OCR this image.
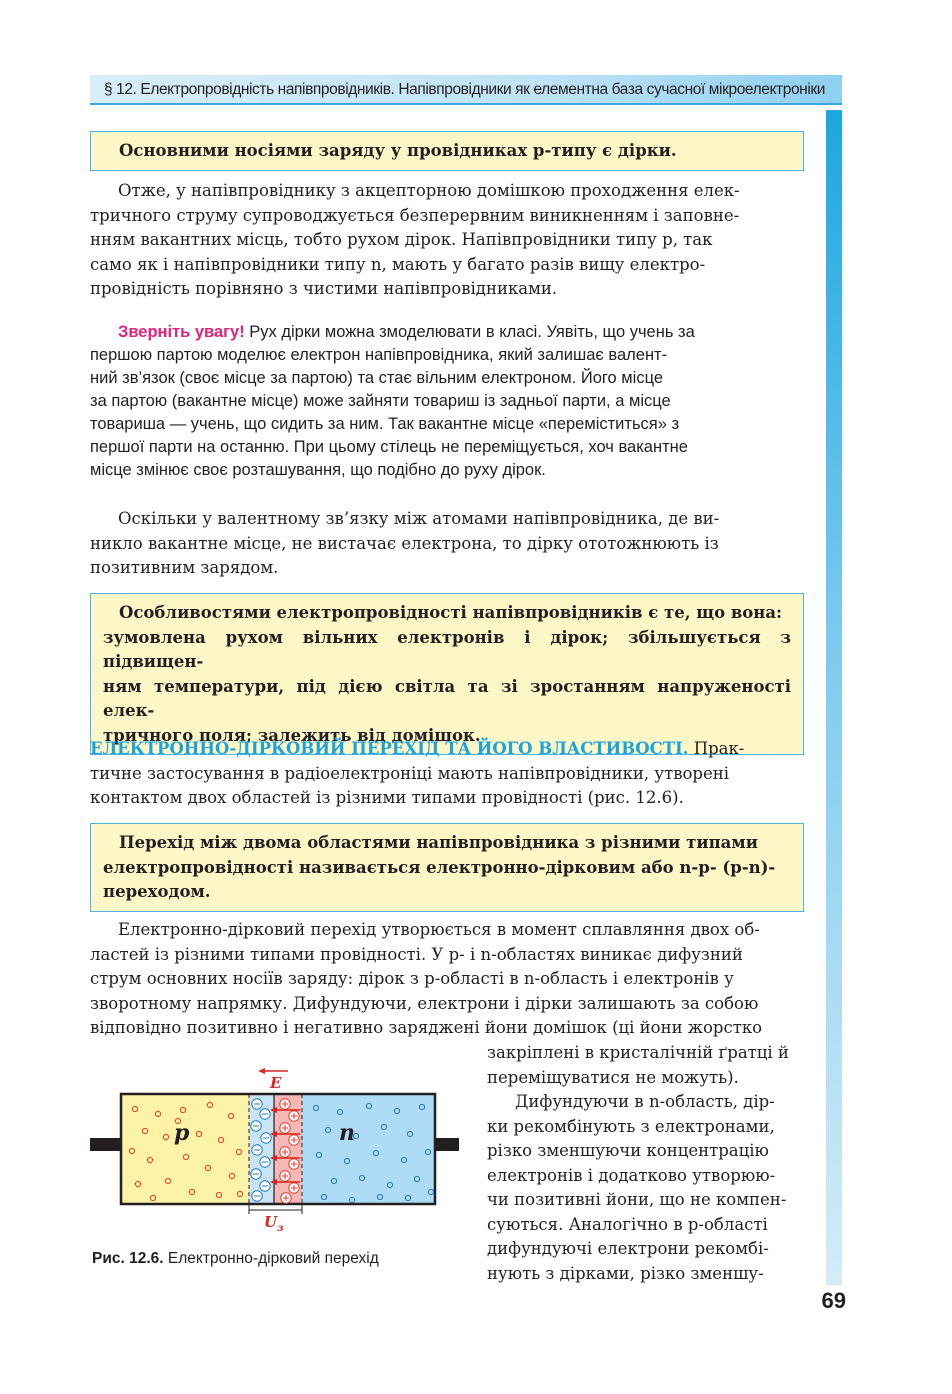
§ 12. Електропровідність напівпровідників. Напівпровідники як елементна база сучасної мікроелектроніки

Основними носіями заряду у провідниках p-типу є дірки.

Отже, у напівпровіднику з акцепторною домішкою проходження елек-

тричного струму супроводжується безперервним виникненням і заповне-

нням вакантних місць, тобто рухом дірок. Напівпровідники типу p, так

само як і напівпровідники типу n, мають у багато разів вищу електро-

провідність порівняно з чистими напівпровідниками.

Зверніть увагу! Рух дірки можна змоделювати в класі. Уявіть, що учень за

першою партою моделює електрон напівпровідника, який залишає валент-

ний зв’язок (своє місце за партою) та стає вільним електроном. Його місце

за партою (вакантне місце) може зайняти товариш із задньої парти, а місце

товариша — учень, що сидить за ним. Так вакантне місце «переміститься» з

першої парти на останню. При цьому стілець не переміщується, хоч вакантне

місце змінює своє розташування, що подібно до руху дірок.

Оскільки у валентному зв’язку між атомами напівпровідника, де ви-

никло вакантне місце, не вистачає електрона, то дірку ототожнюють із

позитивним зарядом.

Особливостями електропровідності напівпровідників є те, що вона:

зумовлена рухом вільних електронів і дірок; збільшується з підвищен-

ням температури, під дією світла та зі зростанням напруженості елек-

тричного поля; залежить від домішок.

ЕЛЕКТРОННО-ДІРКОВИЙ ПЕРЕХІД ТА ЙОГО ВЛАСТИВОСТІ. Прак-

тичне застосування в радіоелектроніці мають напівпровідники, утворені

контактом двох областей із різними типами провідності (рис. 12.6).

Перехід між двома областями напівпровідника з різними типами

електропровідності називається електронно-дірковим або n-p- (p-n)-

переходом.

Електронно-дірковий перехід утворюється в момент сплавляння двох об-

ластей із різними типами провідності. У p- і n-областях виникає дифузний

струм основних носіїв заряду: дірок з p-області в n-область і електронів у

зворотному напрямку. Дифундуючи, електрони і дірки залишають за собою

відповідно позитивно і негативно заряджені йони домішок (ці йони жорстко

закріплені в кристалічній ґратці й

переміщуватися не можуть).

Дифундуючи в n-область, дір-

ки рекомбінують з електронами,

різко зменшуючи концентрацію

електронів і додатково утворюю-

чи позитивні йони, що не компен-

суються. Аналогічно в p-області

дифундуючі електрони рекомбі-

нують з дірками, різко зменшу-

E
p	n
$U_з$
Рис. 12.6. Електронно-дірковий перехід
69
